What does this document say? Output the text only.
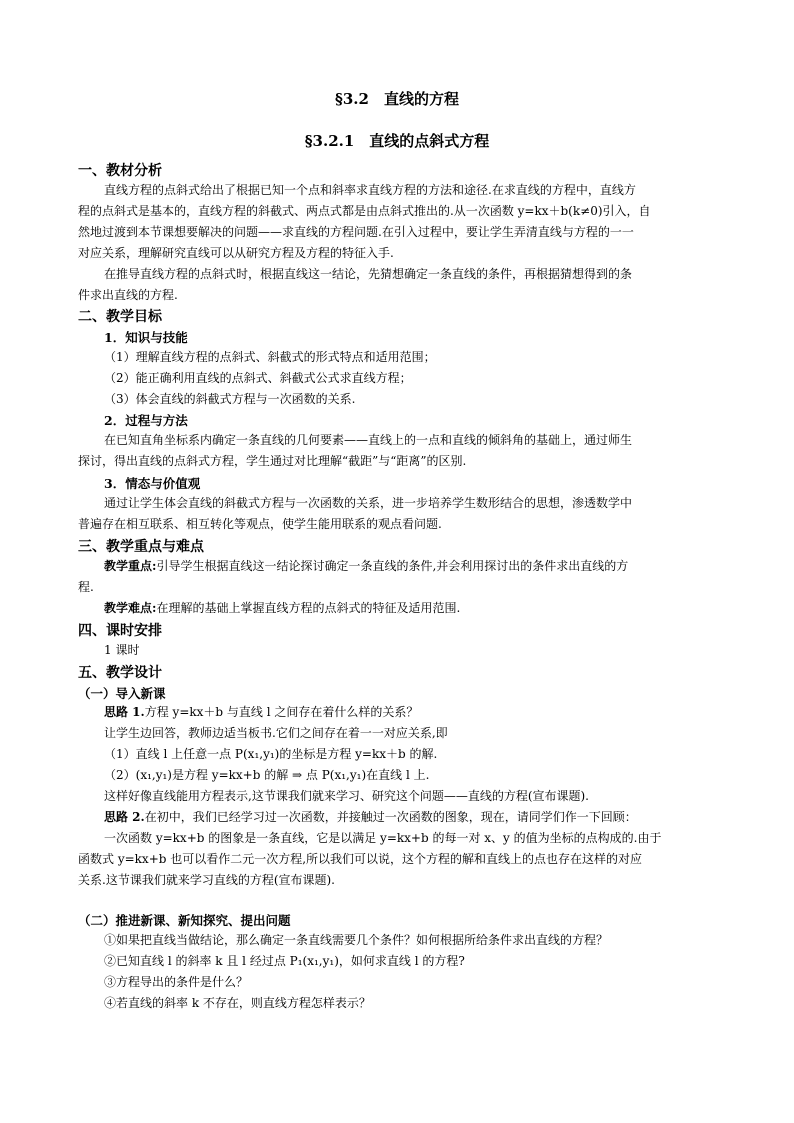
§3.2　直线的方程
§3.2.1　直线的点斜式方程
一、教材分析
直线方程的点斜式给出了根据已知一个点和斜率求直线方程的方法和途径.在求直线的方程中，直线方
程的点斜式是基本的，直线方程的斜截式、两点式都是由点斜式推出的.从一次函数 y=kx＋b(k≠0)引入，自
然地过渡到本节课想要解决的问题——求直线的方程问题.在引入过程中，要让学生弄清直线与方程的一一
对应关系，理解研究直线可以从研究方程及方程的特征入手.
在推导直线方程的点斜式时，根据直线这一结论，先猜想确定一条直线的条件，再根据猜想得到的条
件求出直线的方程.
二、教学目标
1．知识与技能
（1）理解直线方程的点斜式、斜截式的形式特点和适用范围；
（2）能正确利用直线的点斜式、斜截式公式求直线方程；
（3）体会直线的斜截式方程与一次函数的关系.
2．过程与方法
在已知直角坐标系内确定一条直线的几何要素——直线上的一点和直线的倾斜角的基础上，通过师生
探讨，得出直线的点斜式方程，学生通过对比理解“截距”与“距离”的区别.
3．情态与价值观
通过让学生体会直线的斜截式方程与一次函数的关系，进一步培养学生数形结合的思想，渗透数学中
普遍存在相互联系、相互转化等观点，使学生能用联系的观点看问题.
三、教学重点与难点
教学重点:引导学生根据直线这一结论探讨确定一条直线的条件,并会利用探讨出的条件求出直线的方
程.
教学难点:在理解的基础上掌握直线方程的点斜式的特征及适用范围.
四、课时安排
1 课时
五、教学设计
（一）导入新课
思路 1.方程 y=kx＋b 与直线 l 之间存在着什么样的关系？
让学生边回答，教师边适当板书.它们之间存在着一一对应关系,即
（1）直线 l 上任意一点 P(x₁,y₁)的坐标是方程 y=kx＋b 的解.
（2）(x₁,y₁)是方程 y=kx+b 的解 ⇒ 点 P(x₁,y₁)在直线 l 上.
这样好像直线能用方程表示,这节课我们就来学习、研究这个问题——直线的方程(宣布课题).
思路 2.在初中，我们已经学习过一次函数，并接触过一次函数的图象，现在，请同学们作一下回顾：
一次函数 y=kx+b 的图象是一条直线，它是以满足 y=kx+b 的每一对 x、y 的值为坐标的点构成的.由于
函数式 y=kx+b 也可以看作二元一次方程,所以我们可以说，这个方程的解和直线上的点也存在这样的对应
关系.这节课我们就来学习直线的方程(宣布课题).
（二）推进新课、新知探究、提出问题
①如果把直线当做结论，那么确定一条直线需要几个条件？如何根据所给条件求出直线的方程？
②已知直线 l 的斜率 k 且 l 经过点 P₁(x₁,y₁)，如何求直线 l 的方程?
③方程导出的条件是什么？
④若直线的斜率 k 不存在，则直线方程怎样表示？
